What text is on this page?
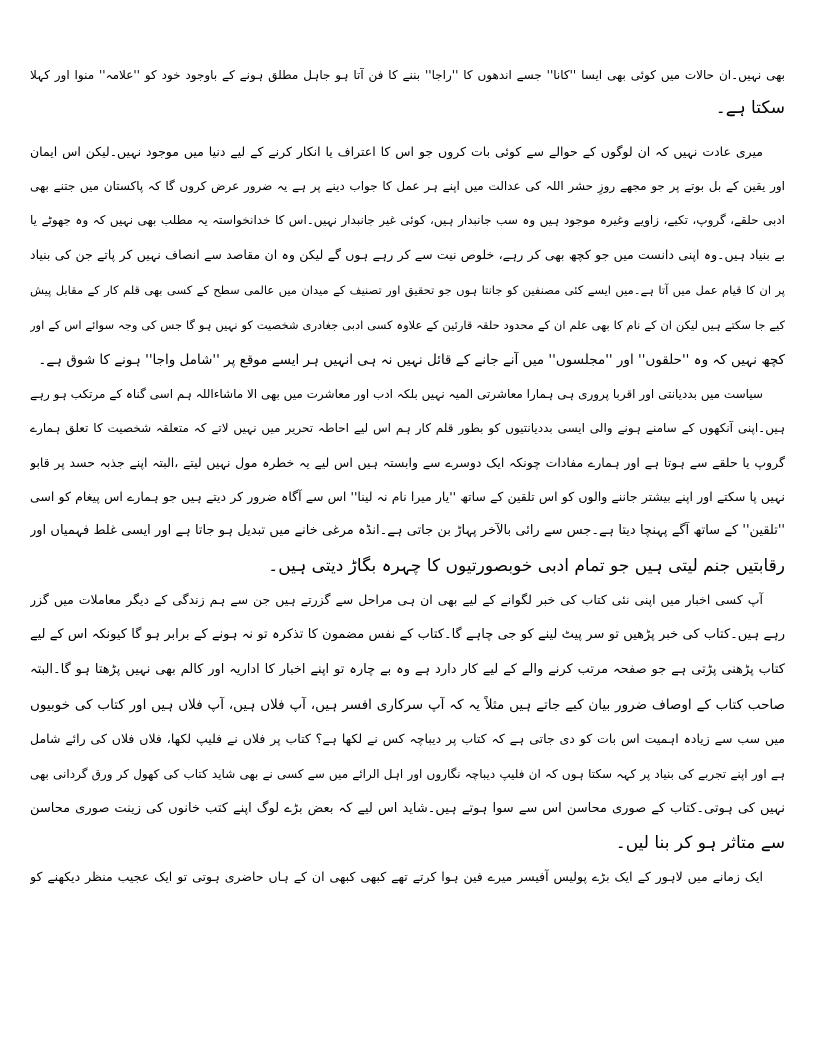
بھی نہیں۔ان حالات میں کوئی بھی ایسا ''کانا'' جسے اندھوں کا ''راجا'' بننے کا فن آتا ہو جاہل مطلق ہونے کے باوجود خود کو ''علامہ'' منوا اور کہلا
سکتا ہے۔
میری عادت نہیں کہ ان لوگوں کے حوالے سے کوئی بات کروں جو اس کا اعتراف یا انکار کرنے کے لیے دنیا میں موجود نہیں۔لیکن اس ایمان
اور یقین کے بل بوتے پر جو مجھے روزِ حشر اللہ کی عدالت میں اپنے ہر عمل کا جواب دینے پر ہے یہ ضرور عرض کروں گا کہ پاکستان میں جتنے بھی
ادبی حلقے، گروپ، تکیے، زاویے وغیرہ موجود ہیں وہ سب جانبدار ہیں، کوئی غیر جانبدار نہیں۔اس کا خدانخواستہ یہ مطلب بھی نہیں کہ وہ جھوٹے یا
بے بنیاد ہیں۔وہ اپنی دانست میں جو کچھ بھی کر رہے، خلوص نیت سے کر رہے ہوں گے لیکن وہ ان مقاصد سے انصاف نہیں کر پاتے جن کی بنیاد
پر ان کا قیام عمل میں آتا ہے۔میں ایسے کئی مصنفین کو جانتا ہوں جو تحقیق اور تصنیف کے میدان میں عالمی سطح کے کسی بھی قلم کار کے مقابل پیش
کیے جا سکتے ہیں لیکن ان کے نام کا بھی علم ان کے محدود حلقہ قارئین کے علاوہ کسی ادبی جغادری شخصیت کو نہیں ہو گا جس کی وجہ سوائے اس کے اور
کچھ نہیں کہ وہ ''حلقوں'' اور ''مجلسوں'' میں آنے جانے کے قائل نہیں نہ ہی انہیں ہر ایسے موقع پر ''شامل واجا'' ہونے کا شوق ہے۔
سیاست میں بددیانتی اور اقربا پروری ہی ہمارا معاشرتی المیہ نہیں بلکہ ادب اور معاشرت میں بھی الا ماشاءاللہ ہم اسی گناہ کے مرتکب ہو رہے
ہیں۔اپنی آنکھوں کے سامنے ہونے والی ایسی بددیانتیوں کو بطور قلم کار ہم اس لیے احاطہ تحریر میں نہیں لاتے کہ متعلقہ شخصیت کا تعلق ہمارے
گروپ یا حلقے سے ہوتا ہے اور ہمارے مفادات چونکہ ایک دوسرے سے وابستہ ہیں اس لیے یہ خطرہ مول نہیں لیتے ،البتہ اپنے جذبہ حسد پر قابو
نہیں پا سکتے اور اپنے بیشتر جاننے والوں کو اس تلقین کے ساتھ ''یار میرا نام نہ لینا'' اس سے آگاہ ضرور کر دیتے ہیں جو ہمارے اس پیغام کو اسی
''تلقین'' کے ساتھ آگے پہنچا دیتا ہے۔جس سے رائی بالآخر پہاڑ بن جاتی ہے۔انڈہ مرغی خانے میں تبدیل ہو جاتا ہے اور ایسی غلط فہمیاں اور
رقابتیں جنم لیتی ہیں جو تمام ادبی خوبصورتیوں کا چہرہ بگاڑ دیتی ہیں۔
آپ کسی اخبار میں اپنی نئی کتاب کی خبر لگوانے کے لیے بھی ان ہی مراحل سے گزرتے ہیں جن سے ہم زندگی کے دیگر معاملات میں گزر
رہے ہیں۔کتاب کی خبر پڑھیں تو سر پیٹ لینے کو جی چاہے گا۔کتاب کے نفس مضمون کا تذکرہ تو نہ ہونے کے برابر ہو گا کیونکہ اس کے لیے
کتاب پڑھنی پڑتی ہے جو صفحہ مرتب کرنے والے کے لیے کار دارد ہے وہ بے چارہ تو اپنے اخبار کا اداریہ اور کالم بھی نہیں پڑھتا ہو گا۔البتہ
صاحب کتاب کے اوصاف ضرور بیان کیے جاتے ہیں مثلاً یہ کہ آپ سرکاری افسر ہیں، آپ فلاں ہیں، آپ فلاں ہیں اور کتاب کی خوبیوں
میں سب سے زیادہ اہمیت اس بات کو دی جاتی ہے کہ کتاب پر دیباچہ کس نے لکھا ہے؟ کتاب پر فلاں نے فلیپ لکھا، فلاں فلاں کی رائے شامل
ہے اور اپنے تجربے کی بنیاد پر کہہ سکتا ہوں کہ ان فلیپ دیباچہ نگاروں اور اہل الرائے میں سے کسی نے بھی شاید کتاب کی کھول کر ورق گردانی بھی
نہیں کی ہوتی۔کتاب کے صوری محاسن اس سے سوا ہوتے ہیں۔شاید اس لیے کہ بعض بڑے لوگ اپنے کتب خانوں کی زینت صوری محاسن
سے متاثر ہو کر بنا لیں۔
ایک زمانے میں لاہور کے ایک بڑے پولیس آفیسر میرے فین ہوا کرتے تھے کبھی کبھی ان کے ہاں حاضری ہوتی تو ایک عجیب منظر دیکھنے کو
